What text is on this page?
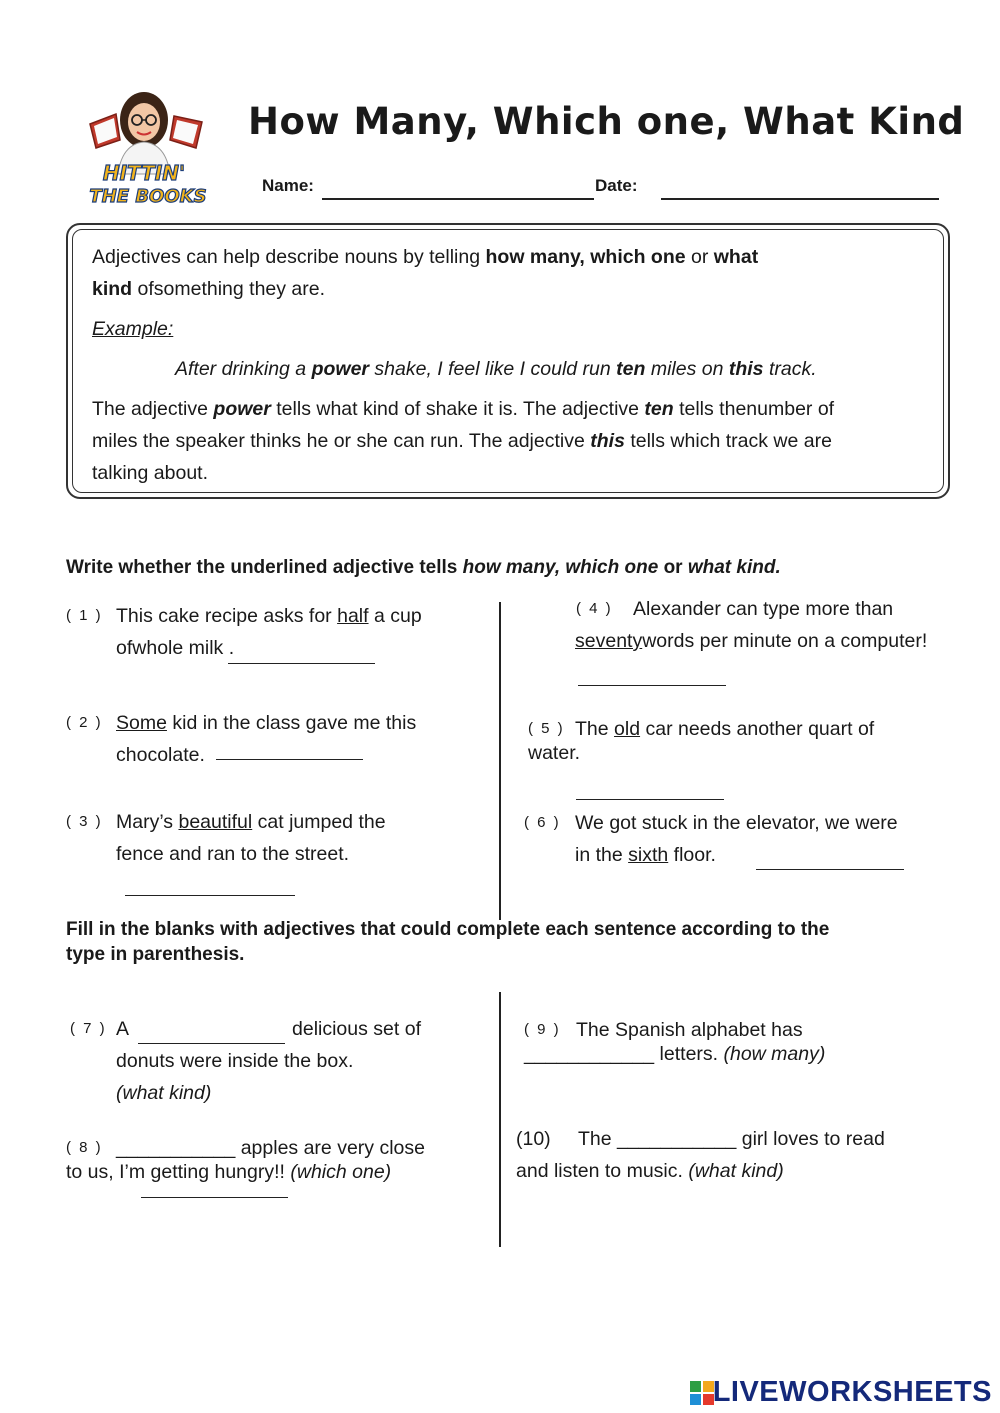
HITTIN'
THE BOOKS
How Many, Which one, What Kind
Name:	Date:
Adjectives can help describe nouns by telling how many, which one or what
kind ofsomething they are.
Example:
After drinking a power shake, I feel like I could run ten miles on this track.
The adjective power tells what kind of shake it is. The adjective ten tells thenumber of
miles the speaker thinks he or she can run. The adjective this tells which track we are
talking about.
Write whether the underlined adjective tells how many, which one or what kind.
( 1 ) This cake recipe asks for half a cup
ofwhole milk .
( 2 ) Some kid in the class gave me this
chocolate.
( 3 ) Mary’s beautiful cat jumped the
fence and ran to the street.
( 4 ) Alexander can type more than
seventywords per minute on a computer!
( 5 ) The old car needs another quart of
water.
( 6 ) We got stuck in the elevator, we were
in the sixth floor.
Fill in the blanks with adjectives that could complete each sentence according to the
type in parenthesis.
( 7 ) A	delicious set of
donuts were inside the box.
(what kind)
( 8 ) ___________ apples are very close
to us, I’m getting hungry!! (which one)
( 9 ) The Spanish alphabet has
____________ letters. (how many)
(10) The ___________ girl loves to read
and listen to music. (what kind)
LIVEWORKSHEETS
